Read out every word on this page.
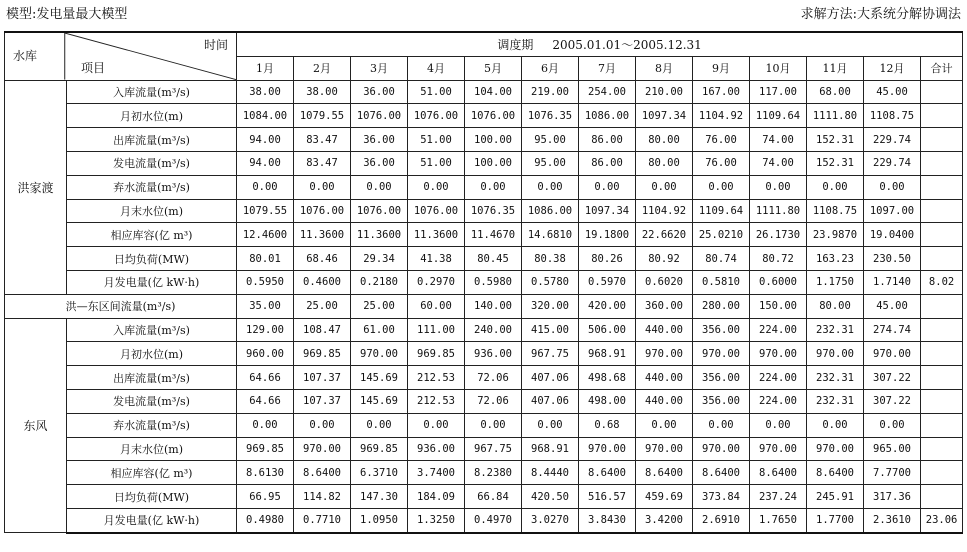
模型:发电量最大模型	求解方法:大系统分解协调法
水库
时间
项目		调度期 2005.01.01～2005.12.31												
		1月	2月	3月	4月	5月	6月	7月	8月	9月	10月	11月	12月	合计
洪家渡	入库流量(m³/s)	38.00	38.00	36.00	51.00	104.00	219.00	254.00	210.00	167.00	117.00	68.00	45.00	
	月初水位(m)	1084.00	1079.55	1076.00	1076.00	1076.00	1076.35	1086.00	1097.34	1104.92	1109.64	1111.80	1108.75	
	出库流量(m³/s)	94.00	83.47	36.00	51.00	100.00	95.00	86.00	80.00	76.00	74.00	152.31	229.74	
	发电流量(m³/s)	94.00	83.47	36.00	51.00	100.00	95.00	86.00	80.00	76.00	74.00	152.31	229.74	
	弃水流量(m³/s)	0.00	0.00	0.00	0.00	0.00	0.00	0.00	0.00	0.00	0.00	0.00	0.00	
	月末水位(m)	1079.55	1076.00	1076.00	1076.00	1076.35	1086.00	1097.34	1104.92	1109.64	1111.80	1108.75	1097.00	
	相应库容(亿 m³)	12.4600	11.3600	11.3600	11.3600	11.4670	14.6810	19.1800	22.6620	25.0210	26.1730	23.9870	19.0400	
	日均负荷(MW)	80.01	68.46	29.34	41.38	80.45	80.38	80.26	80.92	80.74	80.72	163.23	230.50	
	月发电量(亿 kW·h)	0.5950	0.4600	0.2180	0.2970	0.5980	0.5780	0.5970	0.6020	0.5810	0.6000	1.1750	1.7140	8.02
洪—东区间流量(m³/s)		35.00	25.00	25.00	60.00	140.00	320.00	420.00	360.00	280.00	150.00	80.00	45.00	
东风	入库流量(m³/s)	129.00	108.47	61.00	111.00	240.00	415.00	506.00	440.00	356.00	224.00	232.31	274.74	
	月初水位(m)	960.00	969.85	970.00	969.85	936.00	967.75	968.91	970.00	970.00	970.00	970.00	970.00	
	出库流量(m³/s)	64.66	107.37	145.69	212.53	72.06	407.06	498.68	440.00	356.00	224.00	232.31	307.22	
	发电流量(m³/s)	64.66	107.37	145.69	212.53	72.06	407.06	498.00	440.00	356.00	224.00	232.31	307.22	
	弃水流量(m³/s)	0.00	0.00	0.00	0.00	0.00	0.00	0.68	0.00	0.00	0.00	0.00	0.00	
	月末水位(m)	969.85	970.00	969.85	936.00	967.75	968.91	970.00	970.00	970.00	970.00	970.00	965.00	
	相应库容(亿 m³)	8.6130	8.6400	6.3710	3.7400	8.2380	8.4440	8.6400	8.6400	8.6400	8.6400	8.6400	7.7700	
	日均负荷(MW)	66.95	114.82	147.30	184.09	66.84	420.50	516.57	459.69	373.84	237.24	245.91	317.36	
	月发电量(亿 kW·h)	0.4980	0.7710	1.0950	1.3250	0.4970	3.0270	3.8430	3.4200	2.6910	1.7650	1.7700	2.3610	23.06
